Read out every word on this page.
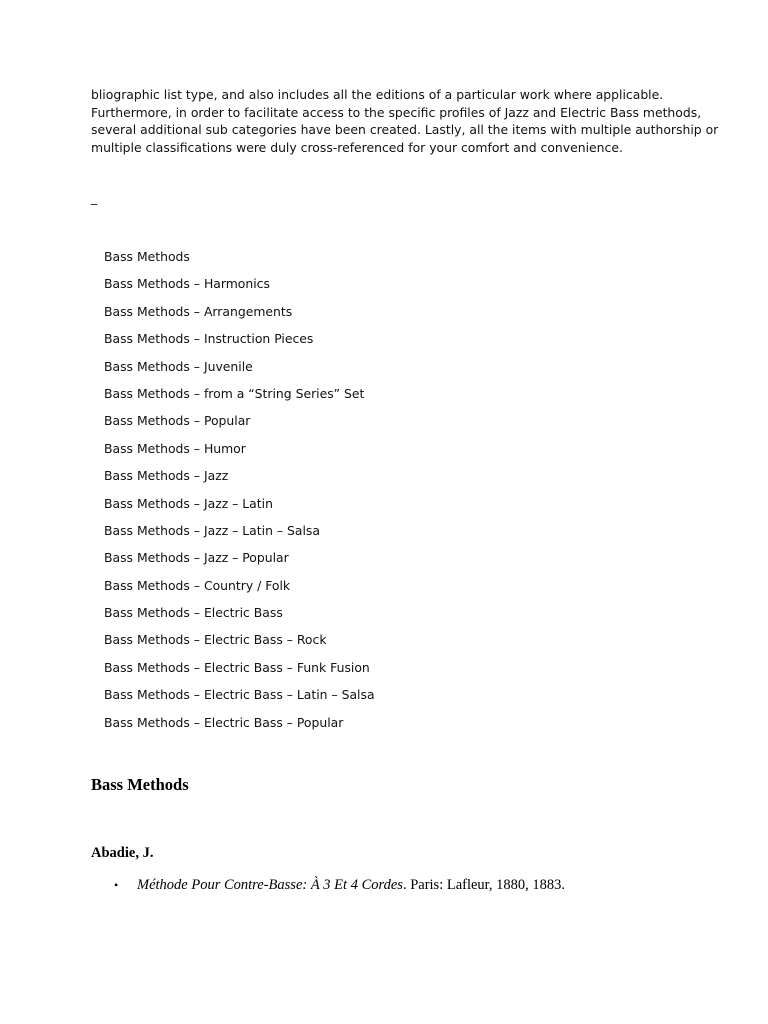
bliographic list type, and also includes all the editions of a particular work where applicable.
Furthermore, in order to facilitate access to the specific profiles of Jazz and Electric Bass methods,
several additional sub categories have been created. Lastly, all the items with multiple authorship or
multiple classifications were duly cross-referenced for your comfort and convenience.
_
Bass Methods
Bass Methods – Harmonics
Bass Methods – Arrangements
Bass Methods – Instruction Pieces
Bass Methods – Juvenile
Bass Methods – from a “String Series” Set
Bass Methods – Popular
Bass Methods – Humor
Bass Methods – Jazz
Bass Methods – Jazz – Latin
Bass Methods – Jazz – Latin – Salsa
Bass Methods – Jazz – Popular
Bass Methods – Country / Folk
Bass Methods – Electric Bass
Bass Methods – Electric Bass – Rock
Bass Methods – Electric Bass – Funk Fusion
Bass Methods – Electric Bass – Latin – Salsa
Bass Methods – Electric Bass – Popular
Bass Methods
Abadie, J.
• Méthode Pour Contre-Basse: À 3 Et 4 Cordes. Paris: Lafleur, 1880, 1883.
